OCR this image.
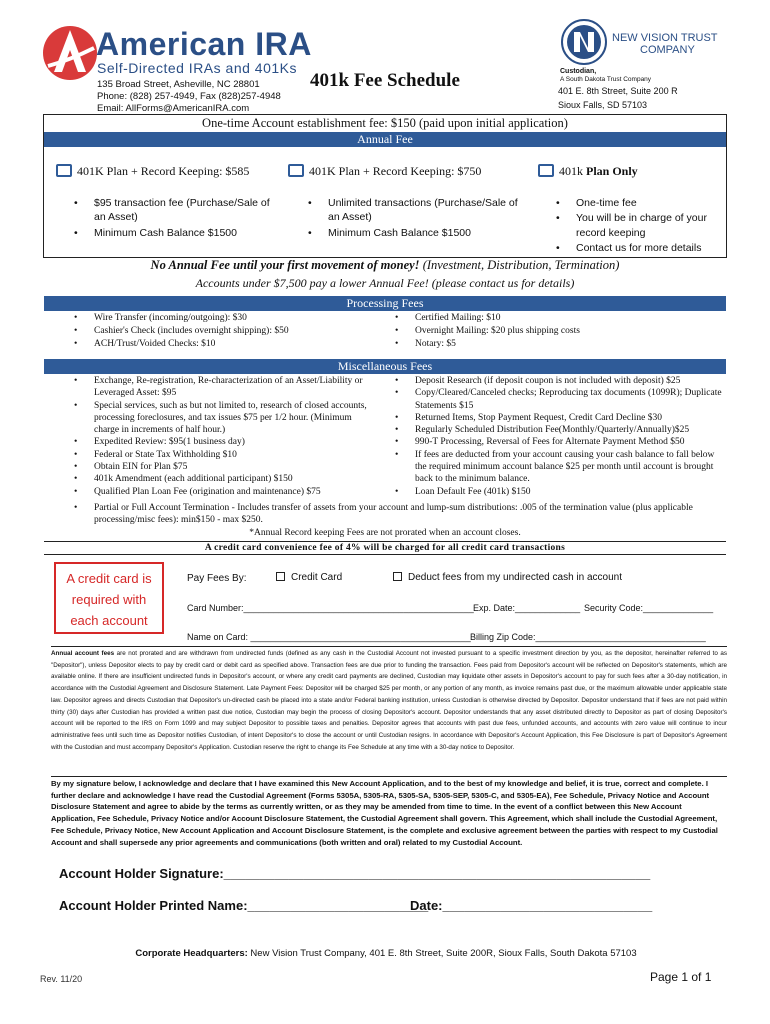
American IRA
Self-Directed IRAs and 401Ks
135 Broad Street, Asheville, NC 28801
Phone: (828) 257-4949, Fax (828)257-4948
Email: AllForms@AmericanIRA.com
401k Fee Schedule
NEW VISION TRUST
COMPANY
Custodian,
A South Dakota Trust Company
401 E. 8th Street, Suite 200 R
Sioux Falls, SD 57103
One-time Account establishment fee: $150 (paid upon initial application)
Annual Fee
401K Plan + Record Keeping: $585	401K Plan + Record Keeping: $750	401k Plan Only
• $95 transaction fee (Purchase/Sale of an Asset)
• Minimum Cash Balance $1500
• Unlimited transactions (Purchase/Sale of an Asset)
• Minimum Cash Balance $1500
• One-time fee
• You will be in charge of your record keeping
• Contact us for more details
No Annual Fee until your first movement of money! (Investment, Distribution, Termination)
Accounts under $7,500 pay a lower Annual Fee! (please contact us for details)
Processing Fees
• Wire Transfer (incoming/outgoing): $30
• Cashier's Check (includes overnight shipping): $50
• ACH/Trust/Voided Checks: $10
• Certified Mailing: $10
• Overnight Mailing: $20 plus shipping costs
• Notary: $5
Miscellaneous Fees
• Exchange, Re-registration, Re-characterization of an Asset/Liability or Leveraged Asset: $95
• Special services, such as but not limited to, research of closed accounts, processing foreclosures, and tax issues $75 per 1/2 hour. (Minimum charge in increments of half hour.)
• Expedited Review: $95(1 business day)
• Federal or State Tax Withholding $10
• Obtain EIN for Plan $75
• 401k Amendment (each additional participant) $150
• Qualified Plan Loan Fee (origination and maintenance) $75
• Deposit Research (if deposit coupon is not included with deposit) $25
• Copy/Cleared/Canceled checks; Reproducing tax documents (1099R); Duplicate Statements $15
• Returned Items, Stop Payment Request, Credit Card Decline $30
• Regularly Scheduled Distribution Fee(Monthly/Quarterly/Annually)$25
• 990-T Processing, Reversal of Fees for Alternate Payment Method $50
• If fees are deducted from your account causing your cash balance to fall below the required minimum account balance $25 per month until account is brought back to the minimum balance.
• Loan Default Fee (401k) $150
• Partial or Full Account Termination - Includes transfer of assets from your account and lump-sum distributions: .005 of the termination value (plus applicable processing/misc fees): min$150 - max $250.
*Annual Record keeping Fees are not prorated when an account closes.
A credit card convenience fee of 4% will be charged for all credit card transactions
A credit card is required with each account
Pay Fees By:	Credit Card	Deduct fees from my undirected cash in account
Card Number:______________________________________________ Exp. Date:_____________ Security Code:______________
Name on Card: ____________________________________________ Billing Zip Code:__________________________________
Annual account fees are not prorated and are withdrawn from undirected funds (defined as any cash in the Custodial Account not invested pursuant to a specific investment direction by you, as the depositor, hereinafter referred to as "Depositor"), unless Depositor elects to pay by credit card or debit card as specified above. Transaction fees are due prior to funding the transaction. Fees paid from Depositor's account will be reflected on Depositor's statements, which are available online. If there are insufficient undirected funds in Depositor's account, or where any credit card payments are declined, Custodian may liquidate other assets in Depositor's account to pay for such fees after a 30-day notification, in accordance with the Custodial Agreement and Disclosure Statement. Late Payment Fees: Depositor will be charged $25 per month, or any portion of any month, as invoice remains past due, or the maximum allowable under applicable state law. Depositor agrees and directs Custodian that Depositor's un-directed cash be placed into a state and/or Federal banking institution, unless Custodian is otherwise directed by Depositor. Depositor understand that if fees are not paid within thirty (30) days after Custodian has provided a written past due notice, Custodian may begin the process of closing Depositor's account. Depositor understands that any asset distributed directly to Depositor as part of closing Depositor's account will be reported to the IRS on Form 1099 and may subject Depositor to possible taxes and penalties. Depositor agrees that accounts with past due fees, unfunded accounts, and accounts with zero value will continue to incur administrative fees until such time as Depositor notifies Custodian, of intent Depositor's to close the account or until Custodian resigns. In accordance with Depositor's Account Application, this Fee Disclosure is part of Depositor's Agreement with the Custodian and must accompany Depositor's Application. Custodian reserve the right to change its Fee Schedule at any time with a 30-day notice to Depositor.
By my signature below, I acknowledge and declare that I have examined this New Account Application, and to the best of my knowledge and belief, it is true, correct and complete. I further declare and acknowledge I have read the Custodial Agreement (Forms 5305A, 5305-RA, 5305-SA, 5305-SEP, 5305-C, and 5305-EA), Fee Schedule, Privacy Notice and Account Disclosure Statement and agree to abide by the terms as currently written, or as they may be amended from time to time. In the event of a conflict between this New Account Application, Fee Schedule, Privacy Notice and/or Account Disclosure Statement, the Custodial Agreement shall govern. This Agreement, which shall include the Custodial Agreement, Fee Schedule, Privacy Notice, New Account Application and Account Disclosure Statement, is the complete and exclusive agreement between the parties with respect to my Custodial Account and shall supersede any prior agreements and communications (both written and oral) related to my Custodial Account.
Account Holder Signature:___________________________________________________________
Account Holder Printed Name:_________________________
Date:_____________________________
Corporate Headquarters: New Vision Trust Company, 401 E. 8th Street, Suite 200R, Sioux Falls, South Dakota 57103
Rev. 11/20	Page 1 of 1
